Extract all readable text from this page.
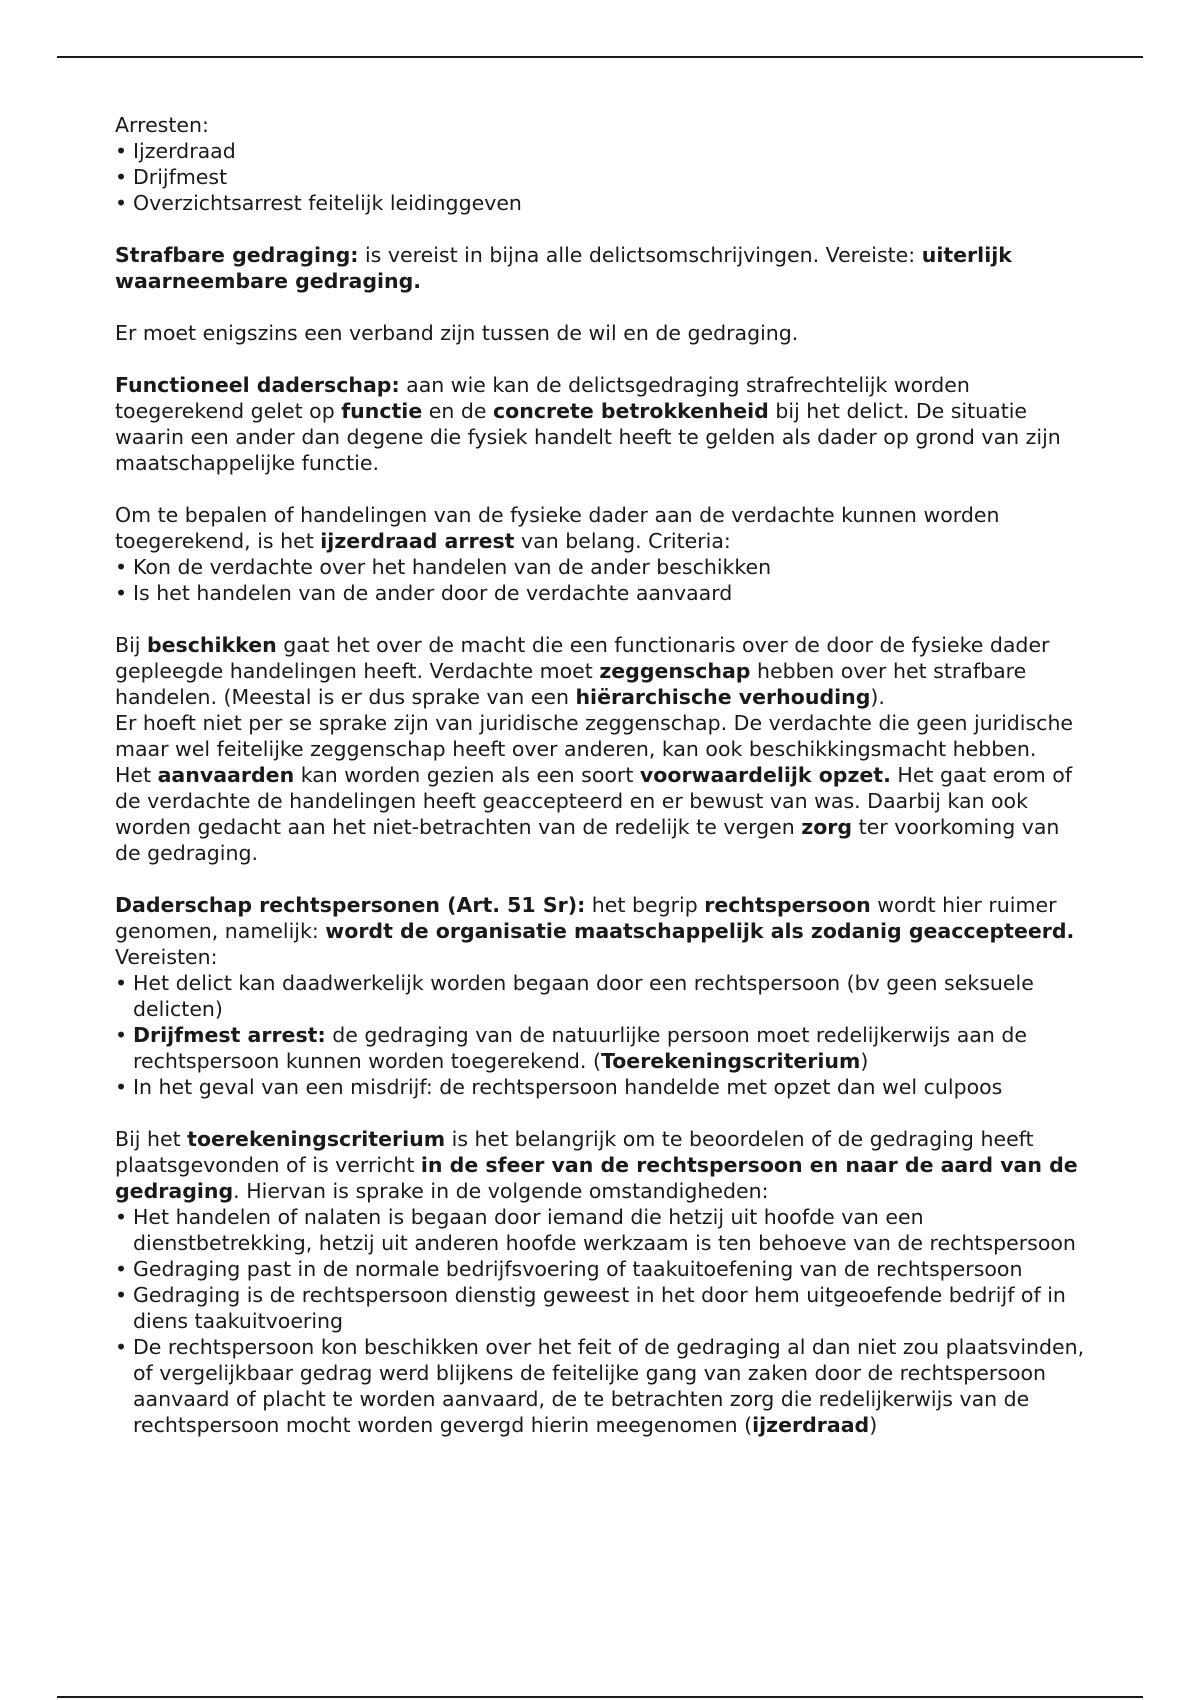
Arresten:

• Ijzerdraad
• Drijfmest
• Overzichtsarrest feitelijk leidinggeven

Strafbare gedraging: is vereist in bijna alle delictsomschrijvingen. Vereiste: uiterlijk waarneembare gedraging.

Er moet enigszins een verband zijn tussen de wil en de gedraging.

Functioneel daderschap: aan wie kan de delictsgedraging strafrechtelijk worden toegerekend gelet op functie en de concrete betrokkenheid bij het delict. De situatie waarin een ander dan degene die fysiek handelt heeft te gelden als dader op grond van zijn maatschappelijke functie.

Om te bepalen of handelingen van de fysieke dader aan de verdachte kunnen worden toegerekend, is het ijzerdraad arrest van belang. Criteria:

• Kon de verdachte over het handelen van de ander beschikken
• Is het handelen van de ander door de verdachte aanvaard

Bij beschikken gaat het over de macht die een functionaris over de door de fysieke dader gepleegde handelingen heeft. Verdachte moet zeggenschap hebben over het strafbare handelen. (Meestal is er dus sprake van een hiërarchische verhouding).

Er hoeft niet per se sprake zijn van juridische zeggenschap. De verdachte die geen juridische maar wel feitelijke zeggenschap heeft over anderen, kan ook beschikkingsmacht hebben.

Het aanvaarden kan worden gezien als een soort voorwaardelijk opzet. Het gaat erom of de verdachte de handelingen heeft geaccepteerd en er bewust van was. Daarbij kan ook worden gedacht aan het niet-betrachten van de redelijk te vergen zorg ter voorkoming van de gedraging.

Daderschap rechtspersonen (Art. 51 Sr): het begrip rechtspersoon wordt hier ruimer genomen, namelijk: wordt de organisatie maatschappelijk als zodanig geaccepteerd.

Vereisten:

• Het delict kan daadwerkelijk worden begaan door een rechtspersoon (bv geen seksuele delicten)
• Drijfmest arrest: de gedraging van de natuurlijke persoon moet redelijkerwijs aan de rechtspersoon kunnen worden toegerekend. (Toerekeningscriterium)
• In het geval van een misdrijf: de rechtspersoon handelde met opzet dan wel culpoos

Bij het toerekeningscriterium is het belangrijk om te beoordelen of de gedraging heeft plaatsgevonden of is verricht in de sfeer van de rechtspersoon en naar de aard van de gedraging. Hiervan is sprake in de volgende omstandigheden:

• Het handelen of nalaten is begaan door iemand die hetzij uit hoofde van een dienstbetrekking, hetzij uit anderen hoofde werkzaam is ten behoeve van de rechtspersoon
• Gedraging past in de normale bedrijfsvoering of taakuitoefening van de rechtspersoon
• Gedraging is de rechtspersoon dienstig geweest in het door hem uitgeoefende bedrijf of in diens taakuitvoering
• De rechtspersoon kon beschikken over het feit of de gedraging al dan niet zou plaatsvinden, of vergelijkbaar gedrag werd blijkens de feitelijke gang van zaken door de rechtspersoon aanvaard of placht te worden aanvaard, de te betrachten zorg die redelijkerwijs van de rechtspersoon mocht worden gevergd hierin meegenomen (ijzerdraad)
